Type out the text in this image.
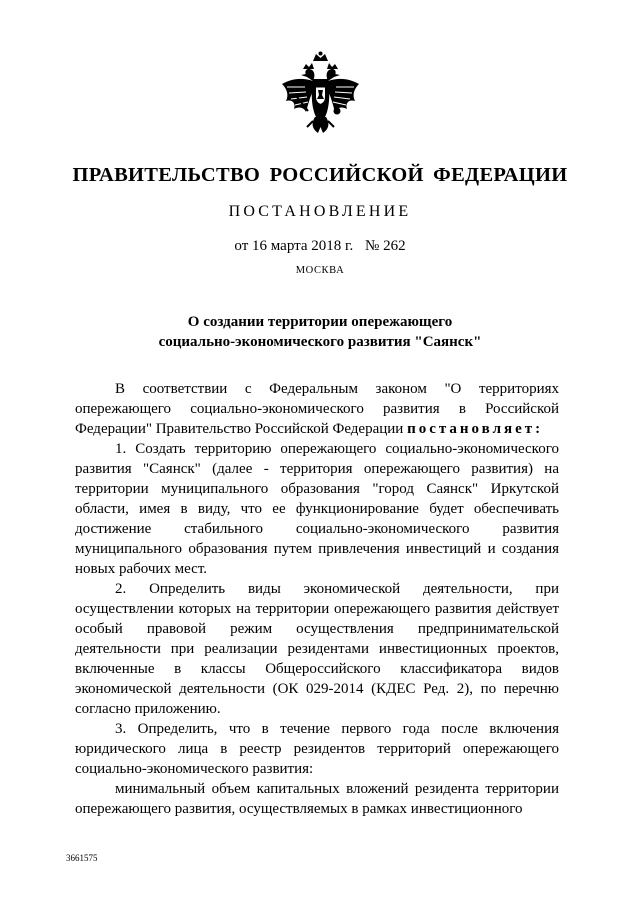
ПРАВИТЕЛЬСТВО РОССИЙСКОЙ ФЕДЕРАЦИИ
ПОСТАНОВЛЕНИЕ
от 16 марта 2018 г. № 262
МОСКВА
О создании территории опережающего
социально-экономического развития "Саянск"

В соответствии с Федеральным законом "О территориях опережающего социально-экономического развития в Российской Федерации" Правительство Российской Федерации постановляет:

1. Создать территорию опережающего социально-экономического развития "Саянск" (далее - территория опережающего развития) на территории муниципального образования "город Саянск" Иркутской области, имея в виду, что ее функционирование будет обеспечивать достижение стабильного социально-экономического развития муниципального образования путем привлечения инвестиций и создания новых рабочих мест.

2. Определить виды экономической деятельности, при осуществлении которых на территории опережающего развития действует особый правовой режим осуществления предпринимательской деятельности при реализации резидентами инвестиционных проектов, включенные в классы Общероссийского классификатора видов экономической деятельности (ОК 029-2014 (КДЕС Ред. 2), по перечню согласно приложению.

3. Определить, что в течение первого года после включения юридического лица в реестр резидентов территорий опережающего социально-экономического развития:

минимальный объем капитальных вложений резидента территории опережающего развития, осуществляемых в рамках инвестиционного

3661575
